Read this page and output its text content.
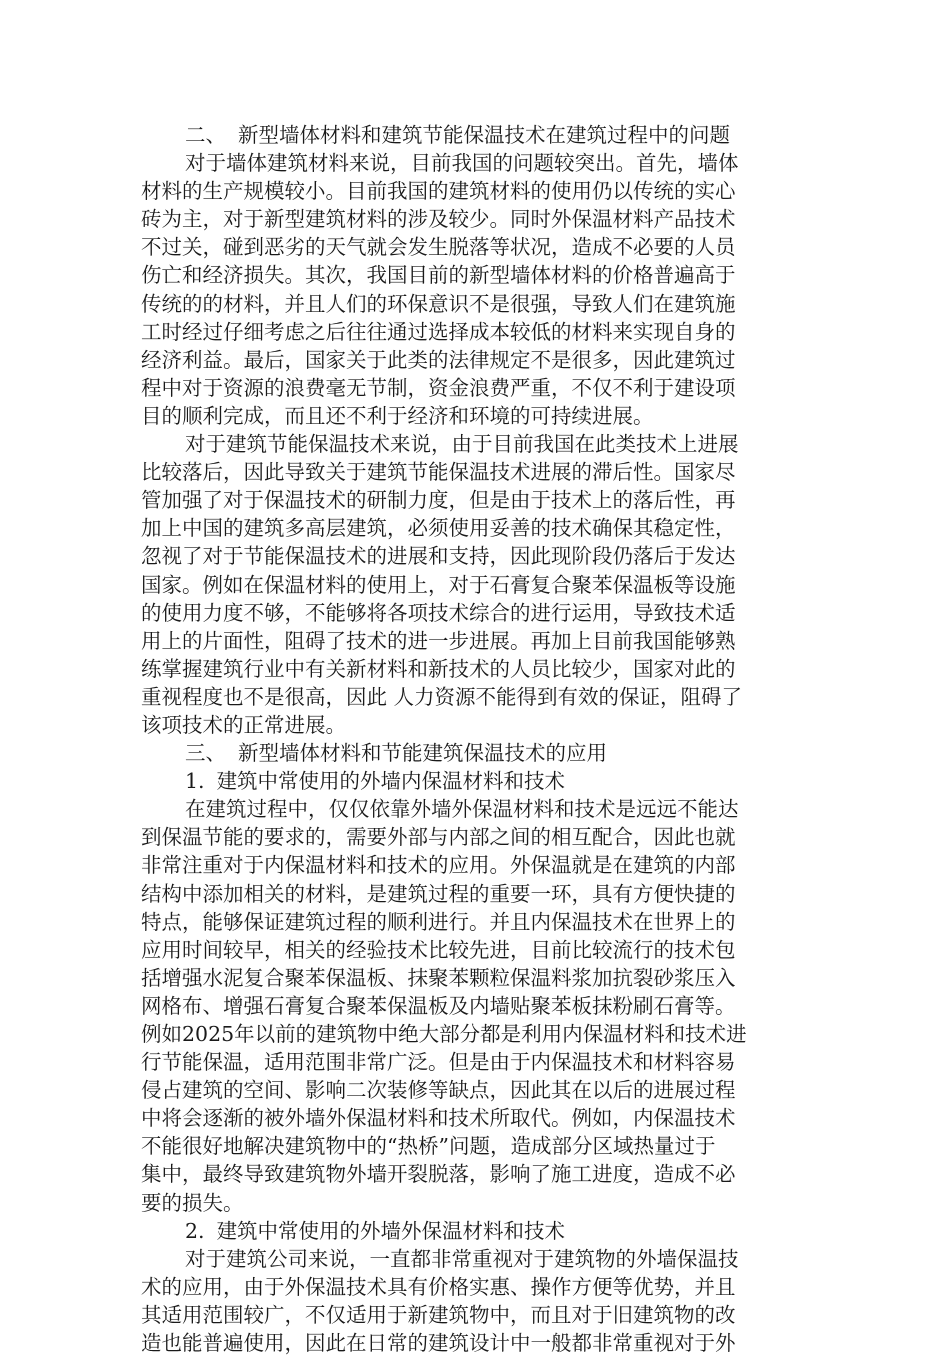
二、 新型墙体材料和建筑节能保温技术在建筑过程中的问题
对于墙体建筑材料来说，目前我国的问题较突出。首先，墙体
材料的生产规模较小。目前我国的建筑材料的使用仍以传统的实心
砖为主，对于新型建筑材料的涉及较少。同时外保温材料产品技术
不过关，碰到恶劣的天气就会发生脱落等状况，造成不必要的人员
伤亡和经济损失。其次，我国目前的新型墙体材料的价格普遍高于
传统的的材料，并且人们的环保意识不是很强，导致人们在建筑施
工时经过仔细考虑之后往往通过选择成本较低的材料来实现自身的
经济利益。最后，国家关于此类的法律规定不是很多，因此建筑过
程中对于资源的浪费毫无节制，资金浪费严重，不仅不利于建设项
目的顺利完成，而且还不利于经济和环境的可持续进展。
对于建筑节能保温技术来说，由于目前我国在此类技术上进展
比较落后，因此导致关于建筑节能保温技术进展的滞后性。国家尽
管加强了对于保温技术的研制力度，但是由于技术上的落后性，再
加上中国的建筑多高层建筑，必须使用妥善的技术确保其稳定性，
忽视了对于节能保温技术的进展和支持，因此现阶段仍落后于发达
国家。例如在保温材料的使用上，对于石膏复合聚苯保温板等设施
的使用力度不够，不能够将各项技术综合的进行运用，导致技术适
用上的片面性，阻碍了技术的进一步进展。再加上目前我国能够熟
练掌握建筑行业中有关新材料和新技术的人员比较少，国家对此的
重视程度也不是很高，因此 人力资源不能得到有效的保证，阻碍了
该项技术的正常进展。
三、 新型墙体材料和节能建筑保温技术的应用
1. 建筑中常使用的外墙内保温材料和技术
在建筑过程中，仅仅依靠外墙外保温材料和技术是远远不能达
到保温节能的要求的，需要外部与内部之间的相互配合，因此也就
非常注重对于内保温材料和技术的应用。外保温就是在建筑的内部
结构中添加相关的材料，是建筑过程的重要一环，具有方便快捷的
特点，能够保证建筑过程的顺利进行。并且内保温技术在世界上的
应用时间较早，相关的经验技术比较先进，目前比较流行的技术包
括增强水泥复合聚苯保温板、抹聚苯颗粒保温料浆加抗裂砂浆压入
网格布、增强石膏复合聚苯保温板及内墙贴聚苯板抹粉刷石膏等。
例如2025年以前的建筑物中绝大部分都是利用内保温材料和技术进
行节能保温，适用范围非常广泛。但是由于内保温技术和材料容易
侵占建筑的空间、影响二次装修等缺点，因此其在以后的进展过程
中将会逐渐的被外墙外保温材料和技术所取代。例如，内保温技术
不能很好地解决建筑物中的“热桥”问题，造成部分区域热量过于
集中，最终导致建筑物外墙开裂脱落，影响了施工进度，造成不必
要的损失。
2. 建筑中常使用的外墙外保温材料和技术
对于建筑公司来说，一直都非常重视对于建筑物的外墙保温技
术的应用，由于外保温技术具有价格实惠、操作方便等优势，并且
其适用范围较广，不仅适用于新建筑物中，而且对于旧建筑物的改
造也能普遍使用，因此在日常的建筑设计中一般都非常重视对于外
